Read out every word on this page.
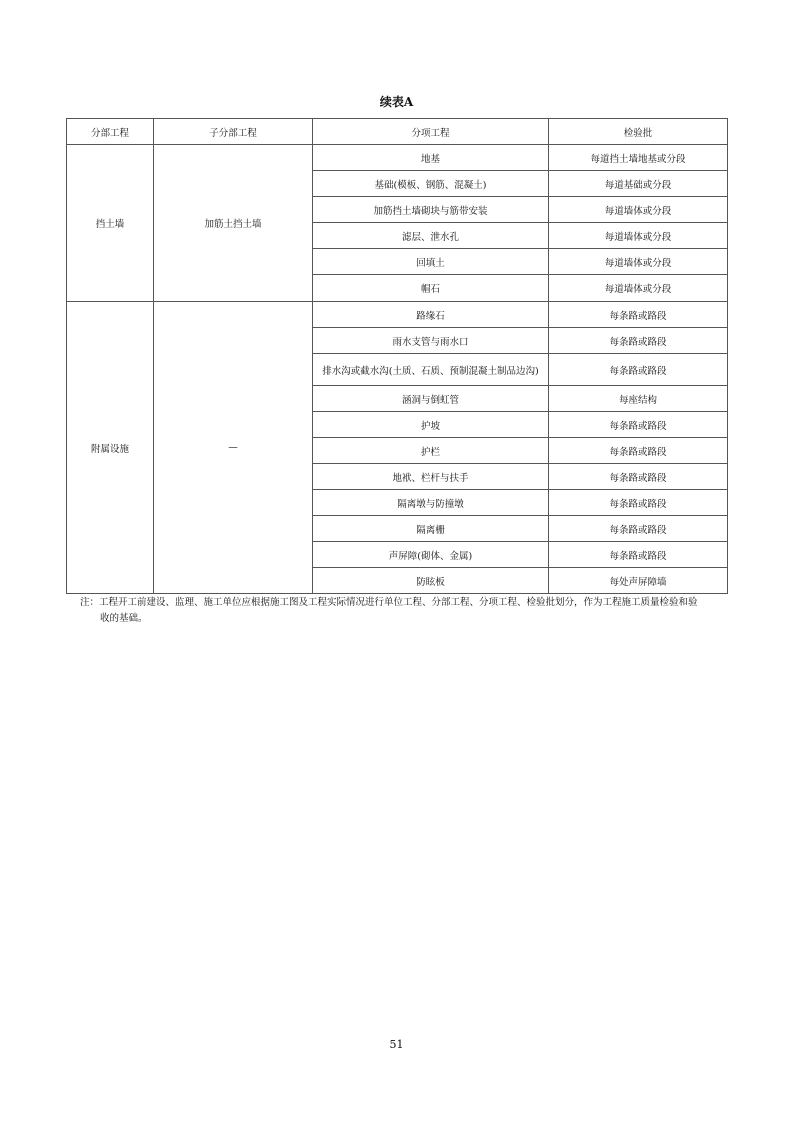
续表A
分部工程	子分部工程	分项工程	检验批
挡土墙	加筋土挡土墙	地基	每道挡土墙地基或分段
		基础(模板、钢筋、混凝土)	每道基础或分段
		加筋挡土墙砌块与筋带安装	每道墙体或分段
		滤层、泄水孔	每道墙体或分段
		回填土	每道墙体或分段
		帽石	每道墙体或分段
附属设施	—	路缘石	每条路或路段
		雨水支管与雨水口	每条路或路段
		排水沟或截水沟(土质、石质、预制混凝土制品边沟)	每条路或路段
		涵洞与倒虹管	每座结构
		护坡	每条路或路段
		护栏	每条路或路段
		地袱、栏杆与扶手	每条路或路段
		隔离墩与防撞墩	每条路或路段
		隔离栅	每条路或路段
		声屏障(砌体、金属)	每条路或路段
		防眩板	每处声屏障墙
注：工程开工前建设、监理、施工单位应根据施工图及工程实际情况进行单位工程、分部工程、分项工程、检验批划分，作为工程施工质量检验和验
收的基础。
51
